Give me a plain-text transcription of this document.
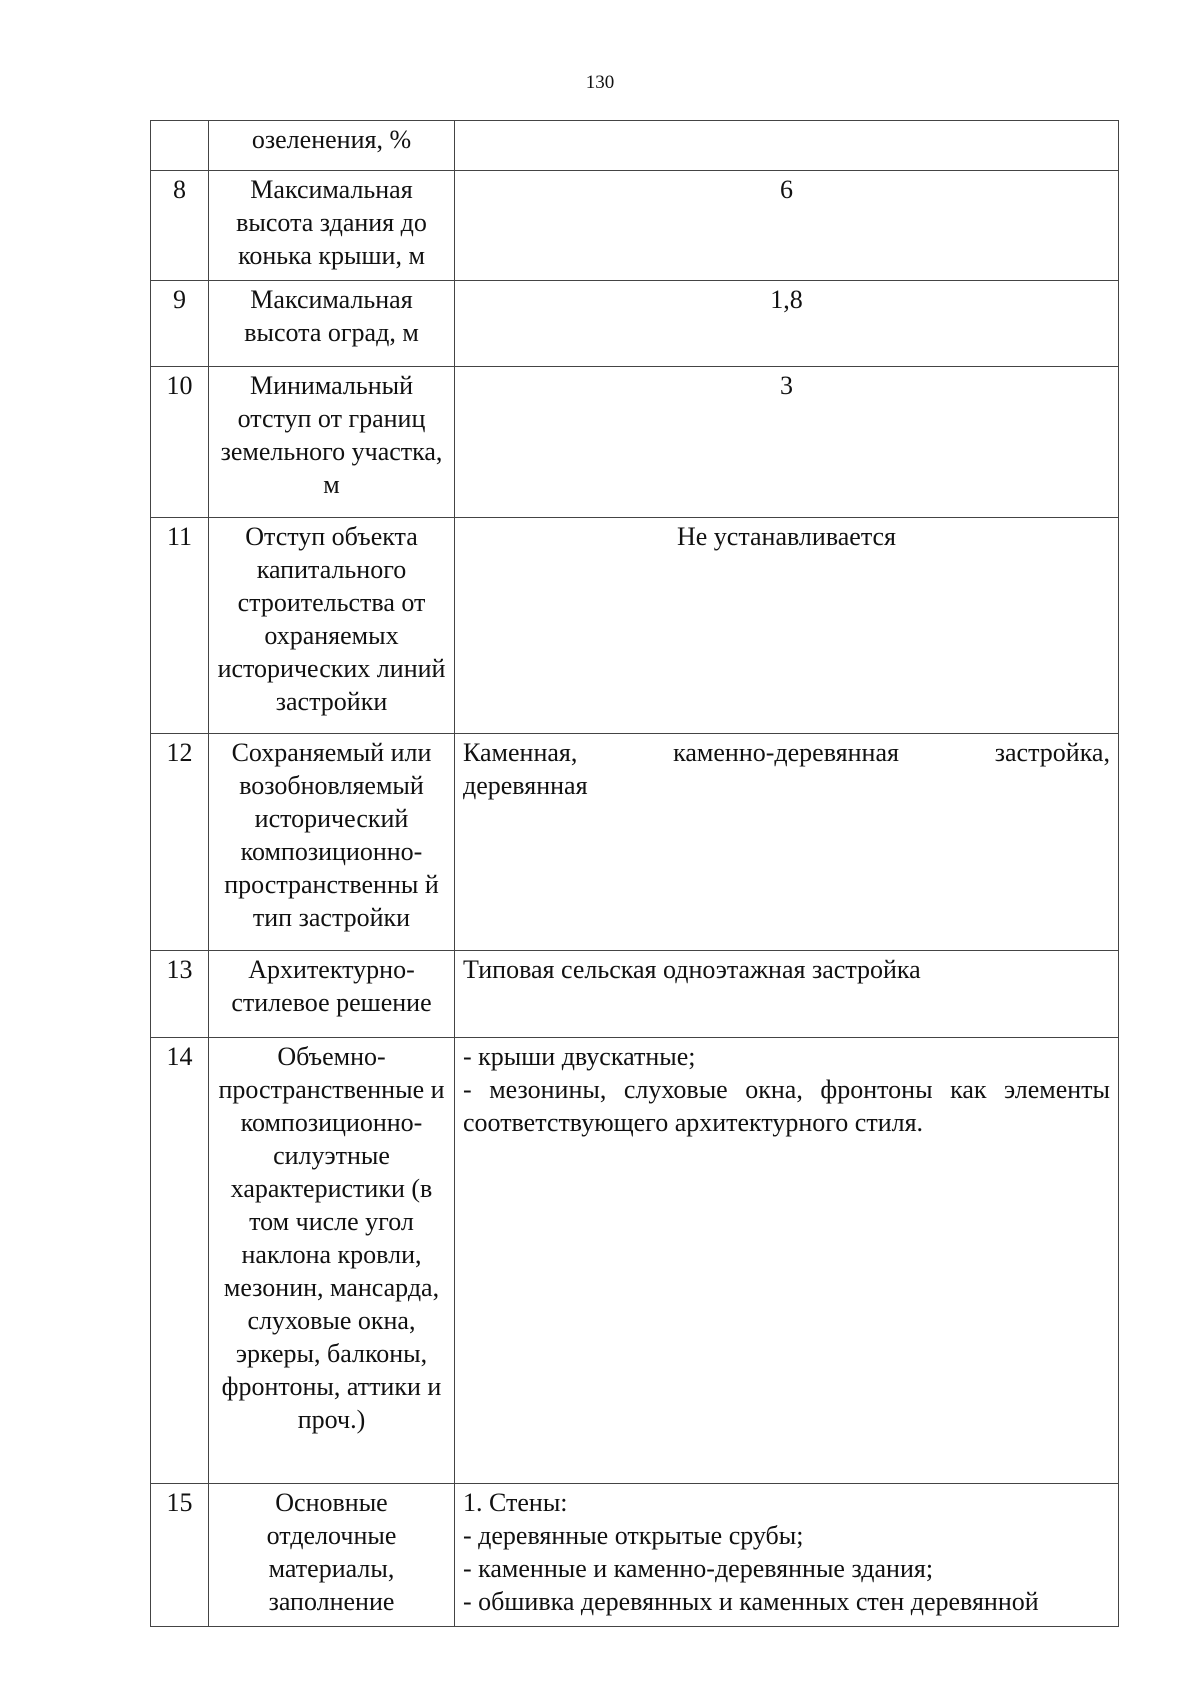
130
	озеленения, %	
8	Максимальная высота здания до конька крыши, м	6
9	Максимальная высота оград, м	1,8
10	Минимальный отступ от границ земельного участка, м	3
11	Отступ объекта капитального строительства от охраняемых исторических линий застройки	Не устанавливается
12	Сохраняемый или возобновляемый исторический композиционно-пространственны й тип застройки	Каменная, каменно-деревянная застройка,
деревянная

13	Архитектурно-стилевое решение	Типовая сельская одноэтажная застройка
14	Объемно-пространственные и композиционно-силуэтные характеристики (в том числе угол наклона кровли, мезонин, мансарда, слуховые окна, эркеры, балконы, фронтоны, аттики и проч.)	- крыши двускатные;
- мезонины, слуховые окна, фронтоны как элементы соответствующего архитектурного стиля.

15	Основные отделочные материалы, заполнение	1. Стены:
- деревянные открытые срубы;
- каменные и каменно-деревянные здания;
- обшивка деревянных и каменных стен деревянной
